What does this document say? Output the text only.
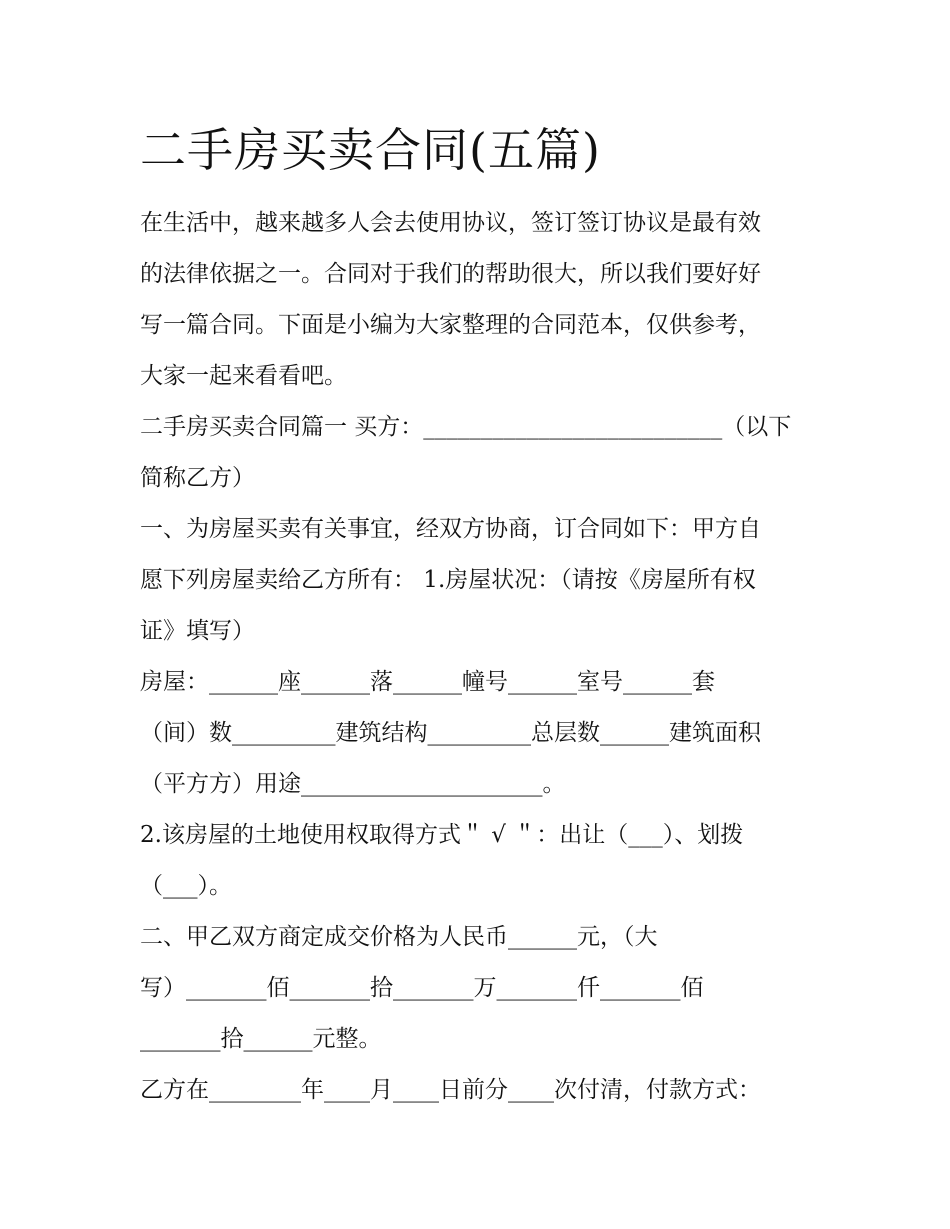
二手房买卖合同(五篇)

在生活中，越来越多人会去使用协议，签订签订协议是最有效
的法律依据之一。合同对于我们的帮助很大，所以我们要好好
写一篇合同。下面是小编为大家整理的合同范本，仅供参考，
大家一起来看看吧。

二手房买卖合同篇一 买方：__________________________（以下
简称乙方）

一、为房屋买卖有关事宜，经双方协商，订合同如下：甲方自
愿下列房屋卖给乙方所有： 1.房屋状况：（请按《房屋所有权
证》填写）

房屋：______座______落______幢号______室号______套
（间）数_________建筑结构_________总层数______建筑面积
（平方方）用途_____________________。

2.该房屋的土地使用权取得方式＂ √ ＂：出让（___）、划拨
（___）。

二、甲乙双方商定成交价格为人民币______元，（大
写）_______佰_______拾_______万_______仟_______佰
_______拾______元整。

乙方在________年____月____日前分____次付清，付款方式：
